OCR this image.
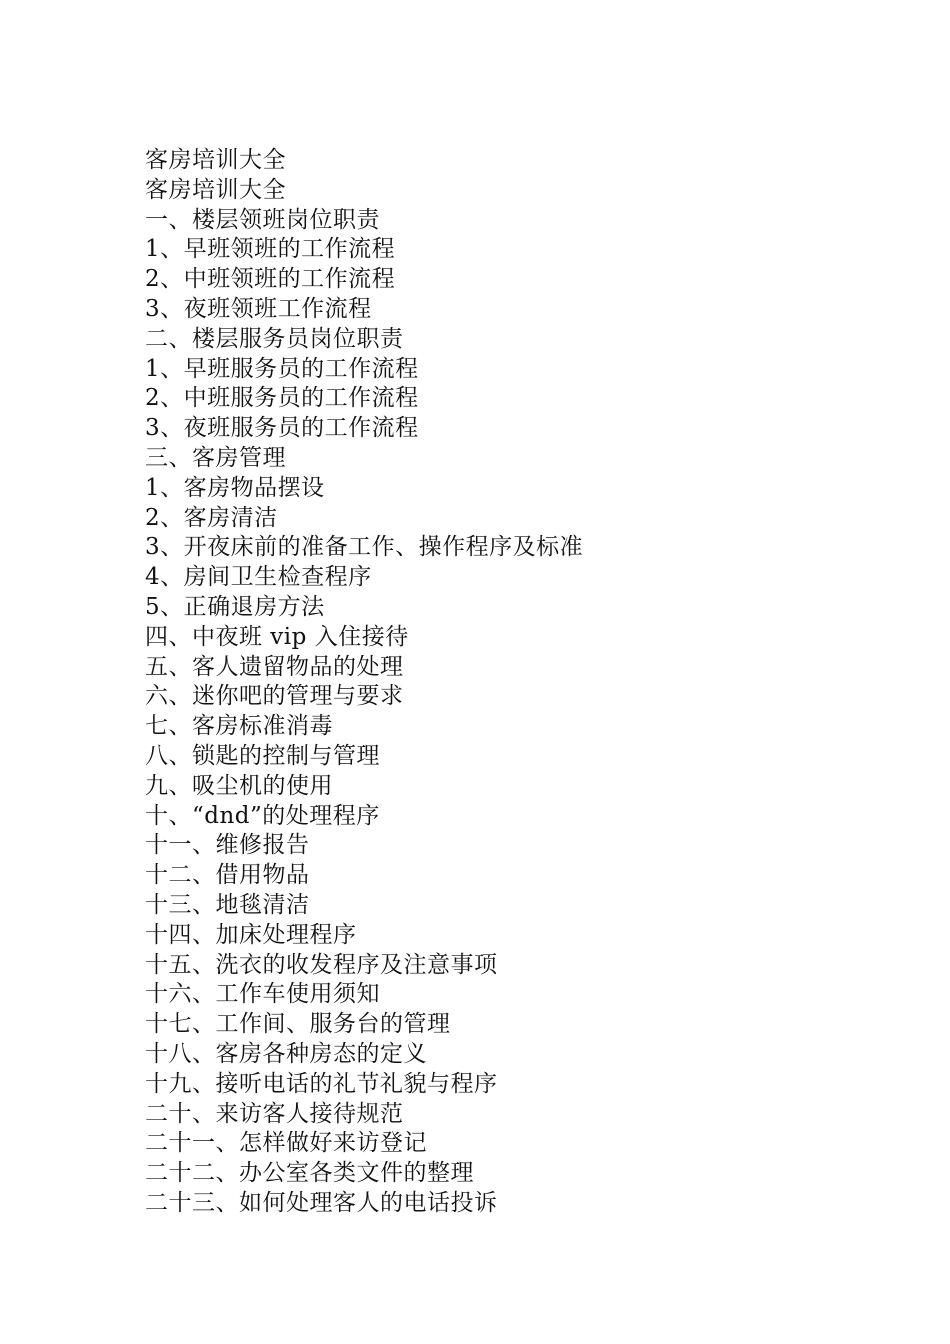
客房培训大全
客房培训大全
一、楼层领班岗位职责
1、早班领班的工作流程
2、中班领班的工作流程
3、夜班领班工作流程
二、楼层服务员岗位职责
1、早班服务员的工作流程
2、中班服务员的工作流程
3、夜班服务员的工作流程
三、客房管理
1、客房物品摆设
2、客房清洁
3、开夜床前的准备工作、操作程序及标准
4、房间卫生检查程序
5、正确退房方法
四、中夜班 vip 入住接待
五、客人遗留物品的处理
六、迷你吧的管理与要求
七、客房标准消毒
八、锁匙的控制与管理
九、吸尘机的使用
十、“dnd”的处理程序
十一、维修报告
十二、借用物品
十三、地毯清洁
十四、加床处理程序
十五、洗衣的收发程序及注意事项
十六、工作车使用须知
十七、工作间、服务台的管理
十八、客房各种房态的定义
十九、接听电话的礼节礼貌与程序
二十、来访客人接待规范
二十一、怎样做好来访登记
二十二、办公室各类文件的整理
二十三、如何处理客人的电话投诉
